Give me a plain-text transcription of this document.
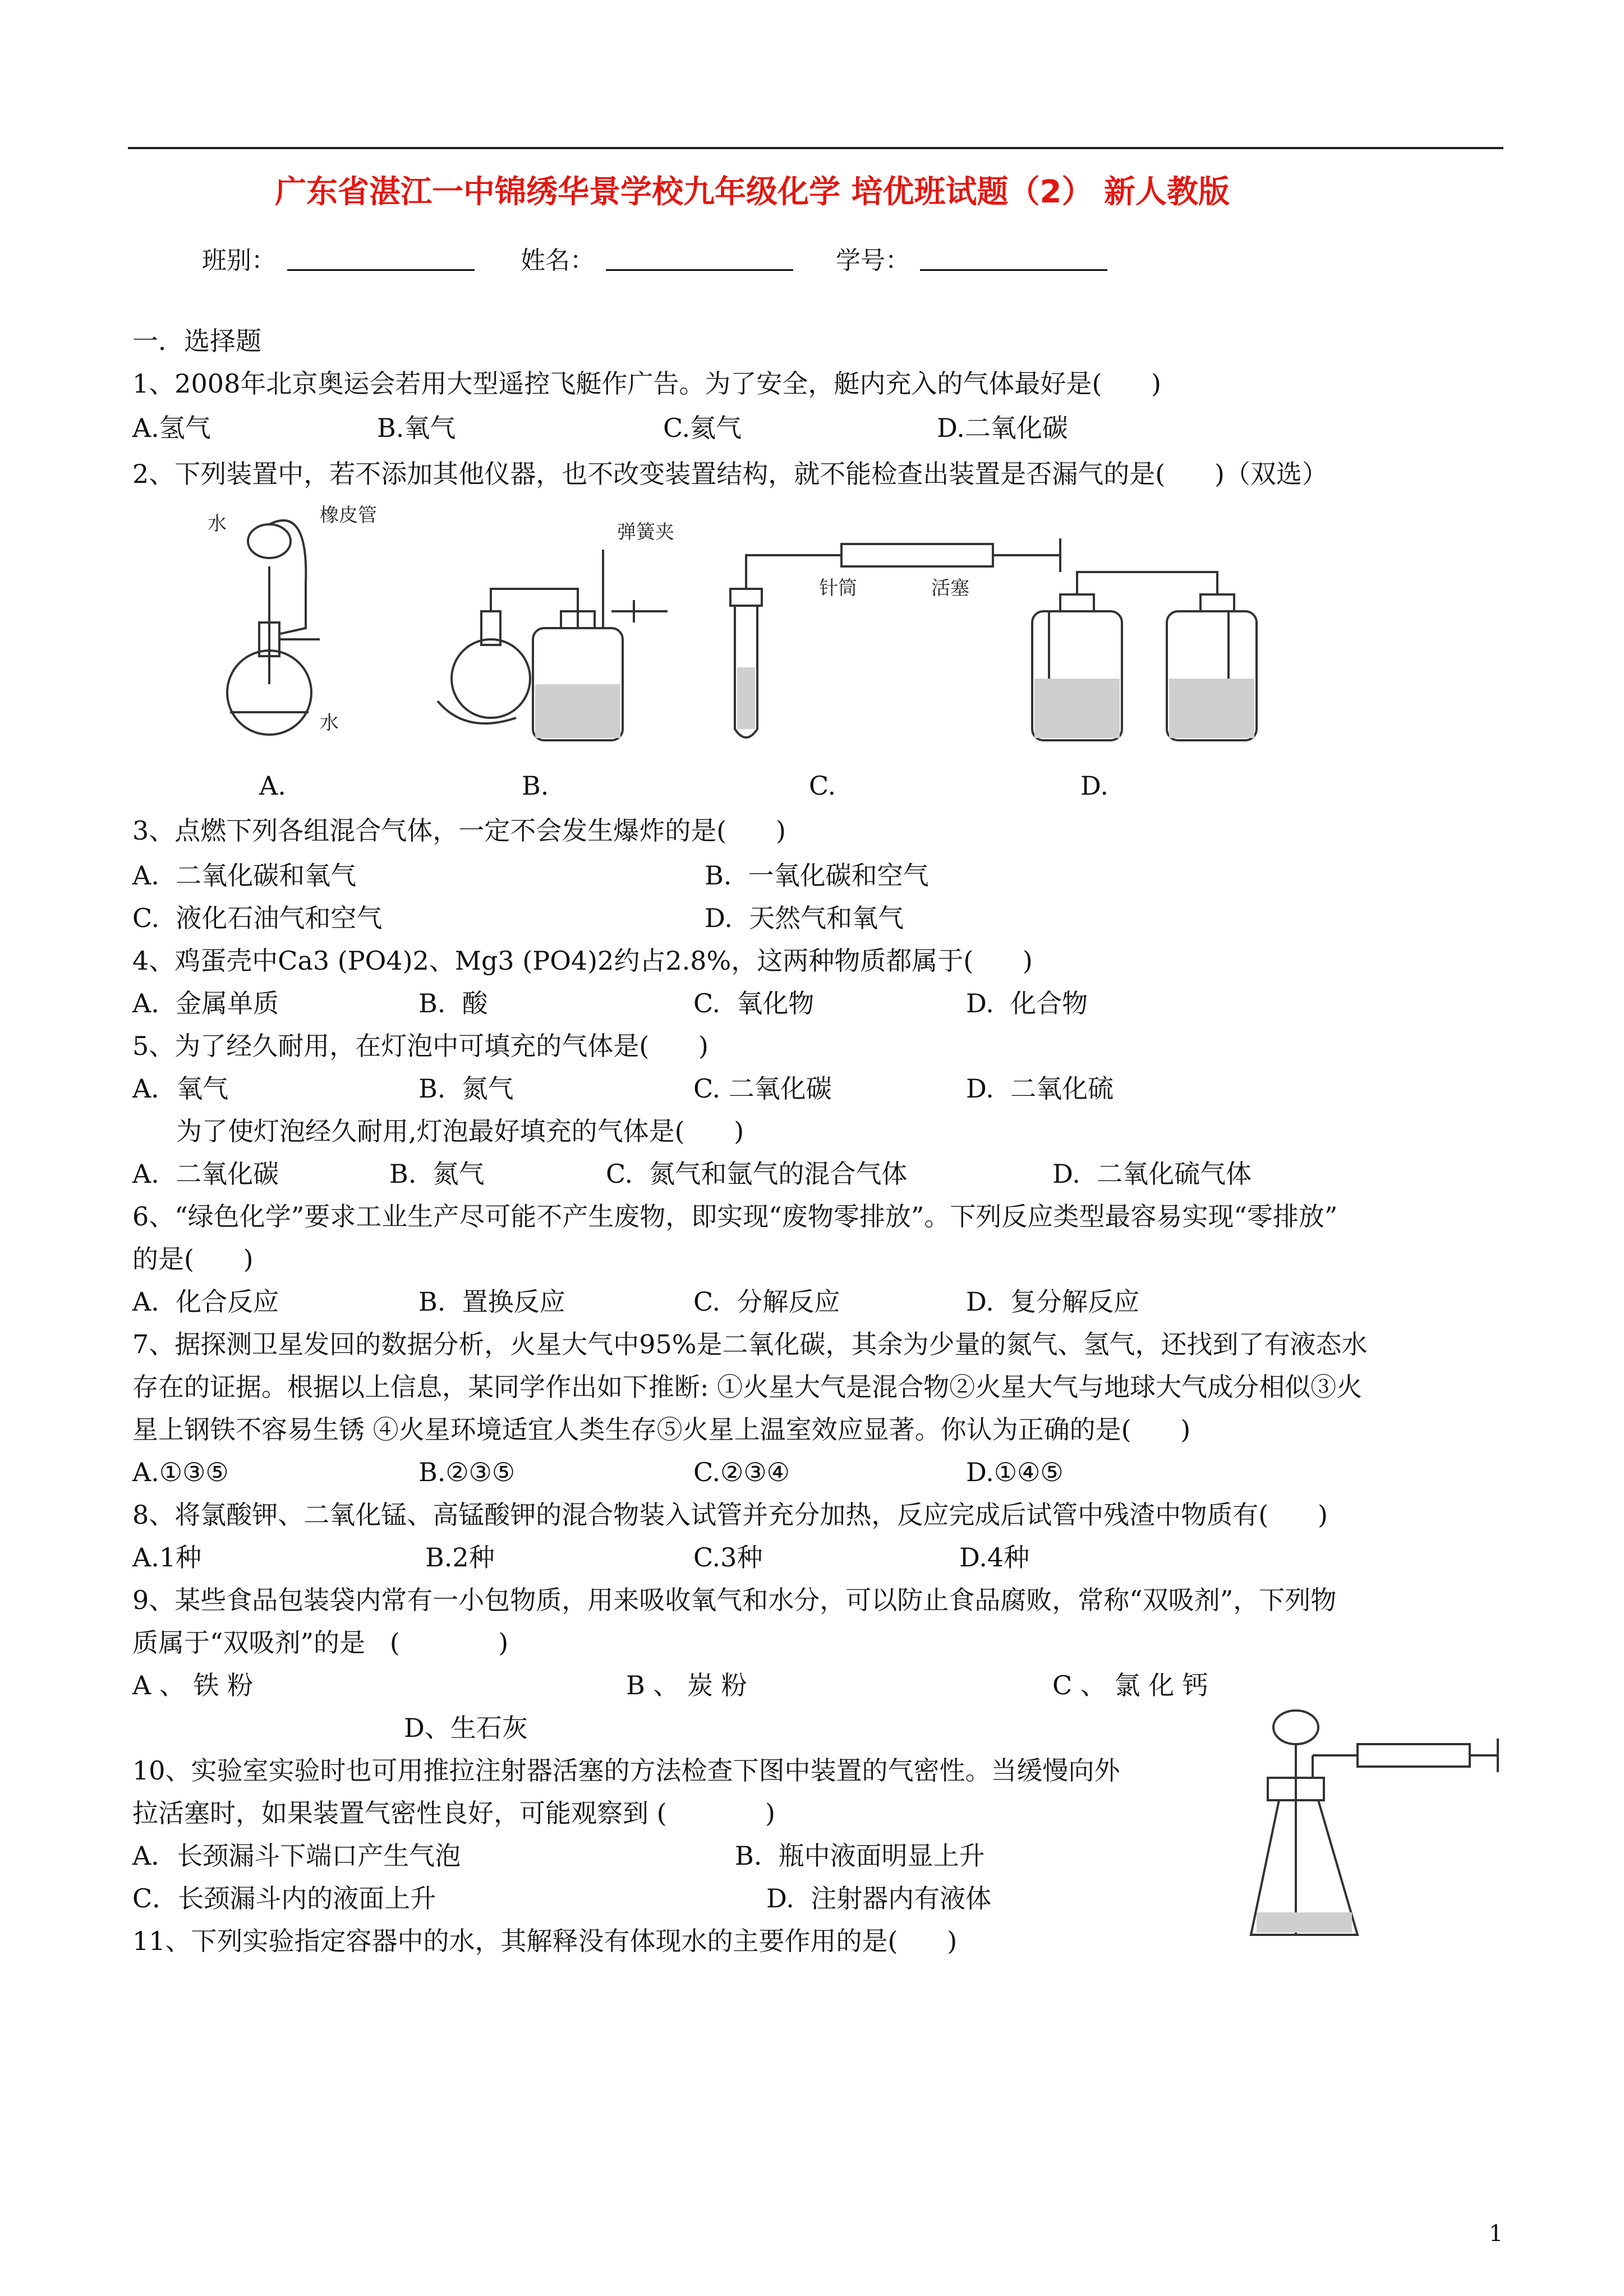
广东省湛江一中锦绣华景学校九年级化学 培优班试题（2） 新人教版
班别：	姓名：	学号：
一．选择题
1、2008年北京奥运会若用大型遥控飞艇作广告。为了安全，艇内充入的气体最好是(      )
A.氢气	B.氧气	C.氦气	D.二氧化碳
2、下列装置中，若不添加其他仪器，也不改变装置结构，就不能检查出装置是否漏气的是(      )（双选）
水	橡皮管
水
弹簧夹
针筒	活塞
A.	B.	C.	D.
3、点燃下列各组混合气体，一定不会发生爆炸的是(      )
A.  二氧化碳和氧气	B.  一氧化碳和空气
C.  液化石油气和空气	D.  天然气和氧气
4、鸡蛋壳中Ca3 (PO4)2、Mg3 (PO4)2约占2.8%，这两种物质都属于(      )
A.  金属单质	B.  酸	C.  氧化物	D.  化合物
5、为了经久耐用，在灯泡中可填充的气体是(      )
A．氧气	B.  氮气	C. 二氧化碳	D.  二氧化硫
为了使灯泡经久耐用,灯泡最好填充的气体是(      )
A.  二氧化碳	B.  氮气	C.  氮气和氩气的混合气体	D.  二氧化硫气体
6、“绿色化学”要求工业生产尽可能不产生废物，即实现“废物零排放”。下列反应类型最容易实现“零排放”
的是(      )
A.  化合反应	B.  置换反应	C.  分解反应	D.  复分解反应
7、据探测卫星发回的数据分析，火星大气中95%是二氧化碳，其余为少量的氮气、氢气，还找到了有液态水
存在的证据。根据以上信息，某同学作出如下推断: ①火星大气是混合物②火星大气与地球大气成分相似③火
星上钢铁不容易生锈 ④火星环境适宜人类生存⑤火星上温室效应显著。你认为正确的是(      )
A.①③⑤	B.②③⑤	C.②③④	D.①④⑤
8、将氯酸钾、二氧化锰、高锰酸钾的混合物装入试管并充分加热，反应完成后试管中残渣中物质有(      )
A.1种	B.2种	C.3种	D.4种
9、某些食品包装袋内常有一小包物质，用来吸收氧气和水分，可以防止食品腐败，常称“双吸剂”，下列物
质属于“双吸剂”的是   (            )
A 、 铁 粉	B 、 炭 粉	C 、 氯 化 钙
D、生石灰
10、实验室实验时也可用推拉注射器活塞的方法检查下图中装置的气密性。当缓慢向外
拉活塞时，如果装置气密性良好，可能观察到 (            )
A．长颈漏斗下端口产生气泡	B.  瓶中液面明显上升
C．长颈漏斗内的液面上升	D.  注射器内有液体
11、下列实验指定容器中的水，其解释没有体现水的主要作用的是(      )
1
